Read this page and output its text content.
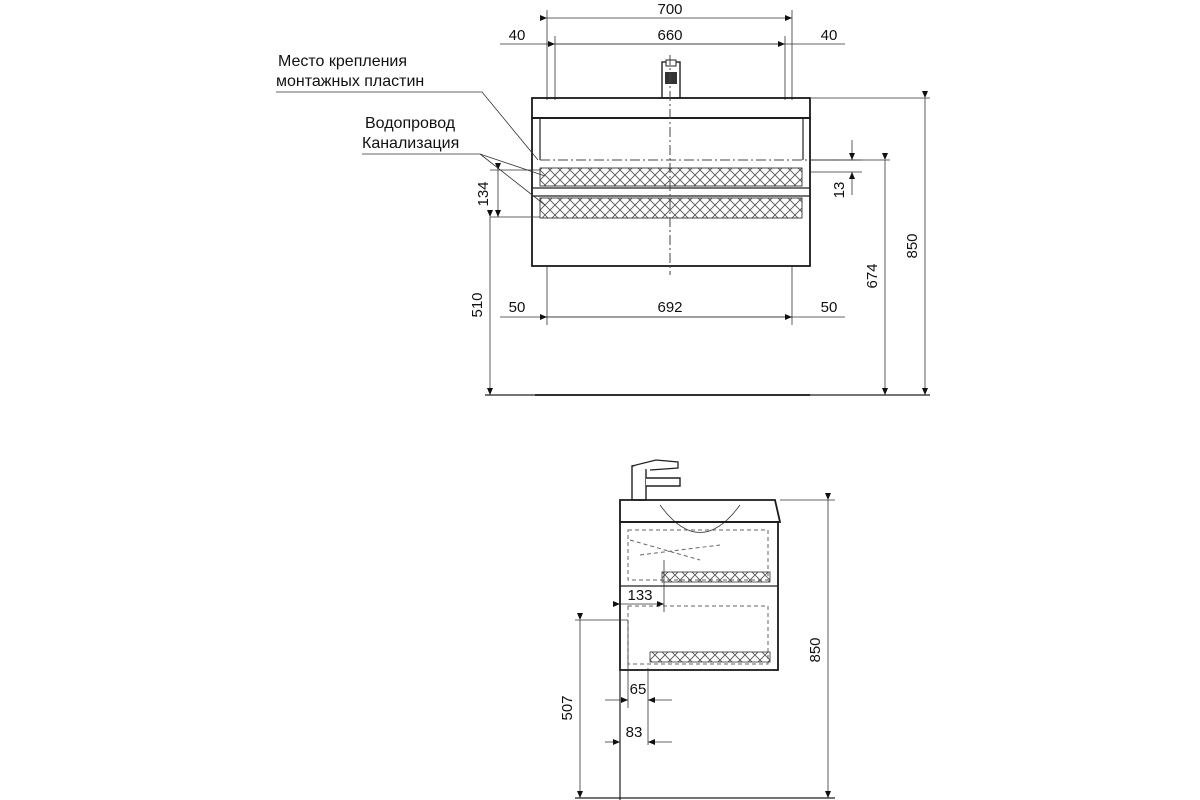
700
660
40	40
134
510
13
674
850
692
50	50
Место крепления
монтажных пластин
Водопровод
Канализация
133
507
65
83
850
